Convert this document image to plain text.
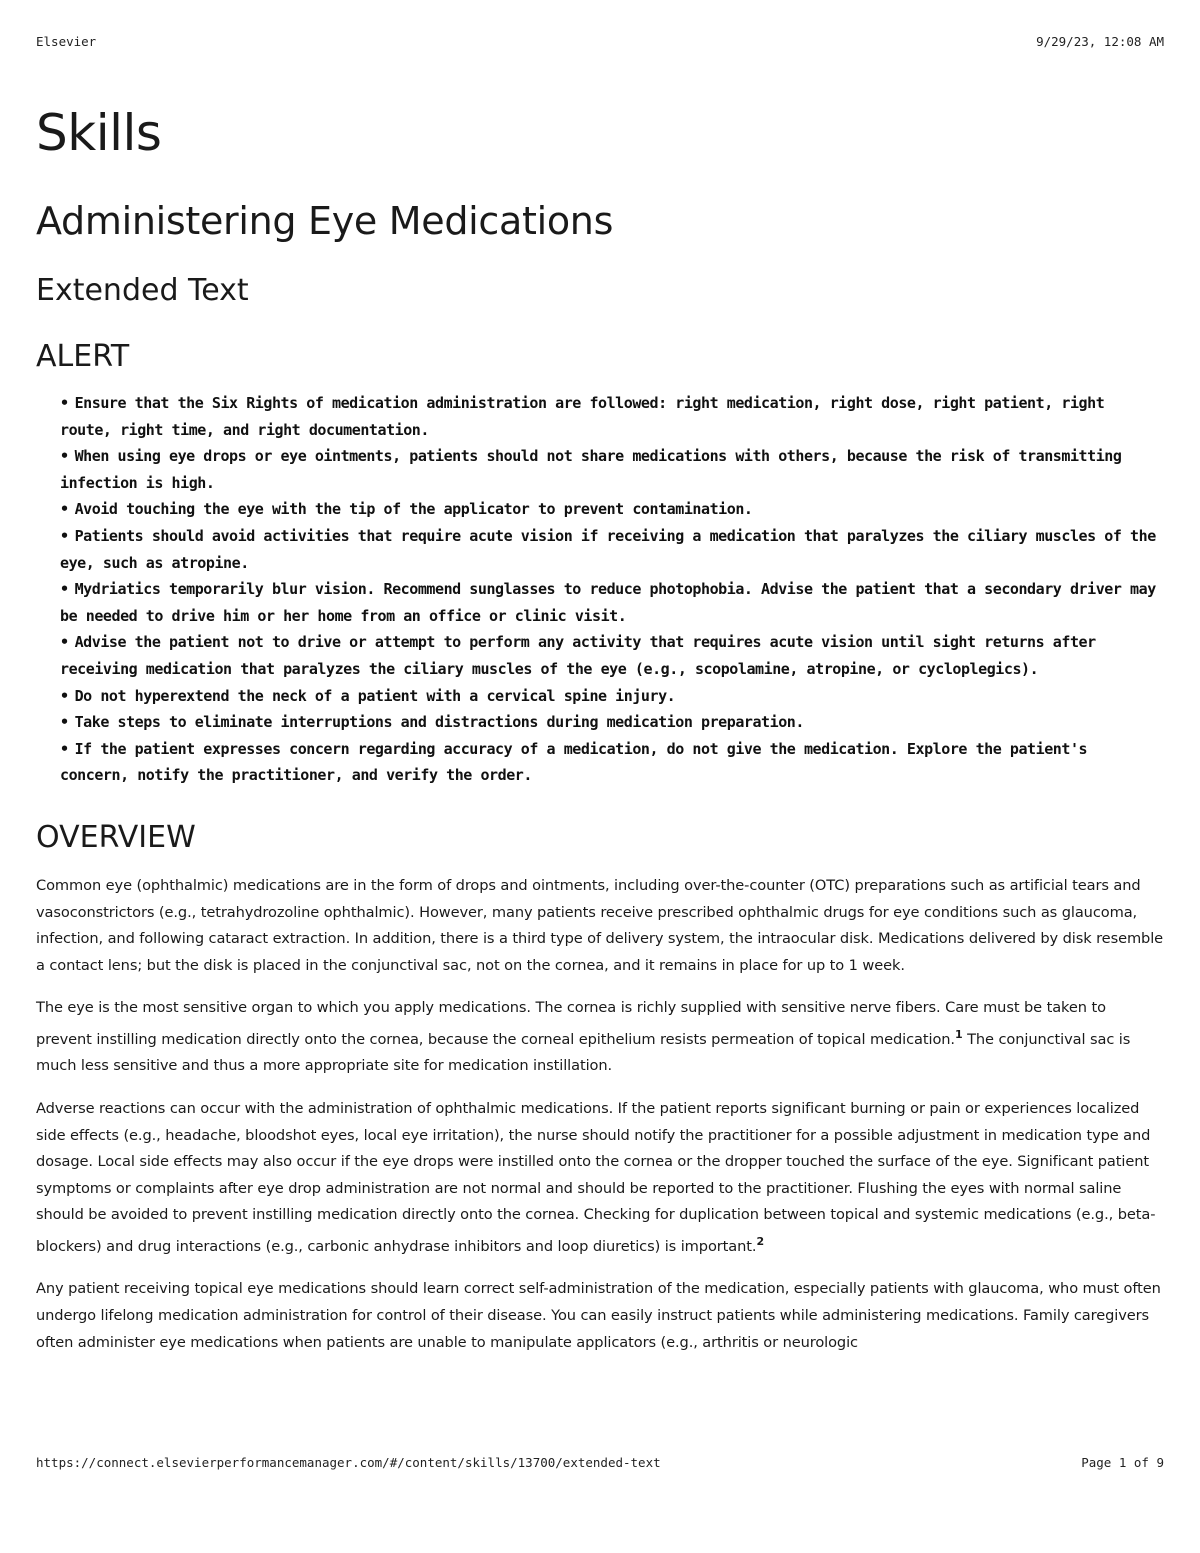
Elsevier	9/29/23, 12:08 AM
Skills
Administering Eye Medications
Extended Text
ALERT
• Ensure that the Six Rights of medication administration are followed: right medication, right dose, right patient, right route, right time, and right documentation.
• When using eye drops or eye ointments, patients should not share medications with others, because the risk of transmitting infection is high.
• Avoid touching the eye with the tip of the applicator to prevent contamination.
• Patients should avoid activities that require acute vision if receiving a medication that paralyzes the ciliary muscles of the eye, such as atropine.
• Mydriatics temporarily blur vision. Recommend sunglasses to reduce photophobia. Advise the patient that a secondary driver may be needed to drive him or her home from an office or clinic visit.
• Advise the patient not to drive or attempt to perform any activity that requires acute vision until sight returns after receiving medication that paralyzes the ciliary muscles of the eye (e.g., scopolamine, atropine, or cycloplegics).
• Do not hyperextend the neck of a patient with a cervical spine injury.
• Take steps to eliminate interruptions and distractions during medication preparation.
• If the patient expresses concern regarding accuracy of a medication, do not give the medication. Explore the patient's concern, notify the practitioner, and verify the order.
OVERVIEW

Common eye (ophthalmic) medications are in the form of drops and ointments, including over-the-counter (OTC) preparations such as artificial tears and vasoconstrictors (e.g., tetrahydrozoline ophthalmic). However, many patients receive prescribed ophthalmic drugs for eye conditions such as glaucoma, infection, and following cataract extraction. In addition, there is a third type of delivery system, the intraocular disk. Medications delivered by disk resemble a contact lens; but the disk is placed in the conjunctival sac, not on the cornea, and it remains in place for up to 1 week.

The eye is the most sensitive organ to which you apply medications. The cornea is richly supplied with sensitive nerve fibers. Care must be taken to prevent instilling medication directly onto the cornea, because the corneal epithelium resists permeation of topical medication.$^1$ The conjunctival sac is much less sensitive and thus a more appropriate site for medication instillation.

Adverse reactions can occur with the administration of ophthalmic medications. If the patient reports significant burning or pain or experiences localized side effects (e.g., headache, bloodshot eyes, local eye irritation), the nurse should notify the practitioner for a possible adjustment in medication type and dosage. Local side effects may also occur if the eye drops were instilled onto the cornea or the dropper touched the surface of the eye. Significant patient symptoms or complaints after eye drop administration are not normal and should be reported to the practitioner. Flushing the eyes with normal saline should be avoided to prevent instilling medication directly onto the cornea. Checking for duplication between topical and systemic medications (e.g., beta-blockers) and drug interactions (e.g., carbonic anhydrase inhibitors and loop diuretics) is important.$^2$

Any patient receiving topical eye medications should learn correct self-administration of the medication, especially patients with glaucoma, who must often undergo lifelong medication administration for control of their disease. You can easily instruct patients while administering medications. Family caregivers often administer eye medications when patients are unable to manipulate applicators (e.g., arthritis or neurologic

https://connect.elsevierperformancemanager.com/#/content/skills/13700/extended-text	Page 1 of 9
